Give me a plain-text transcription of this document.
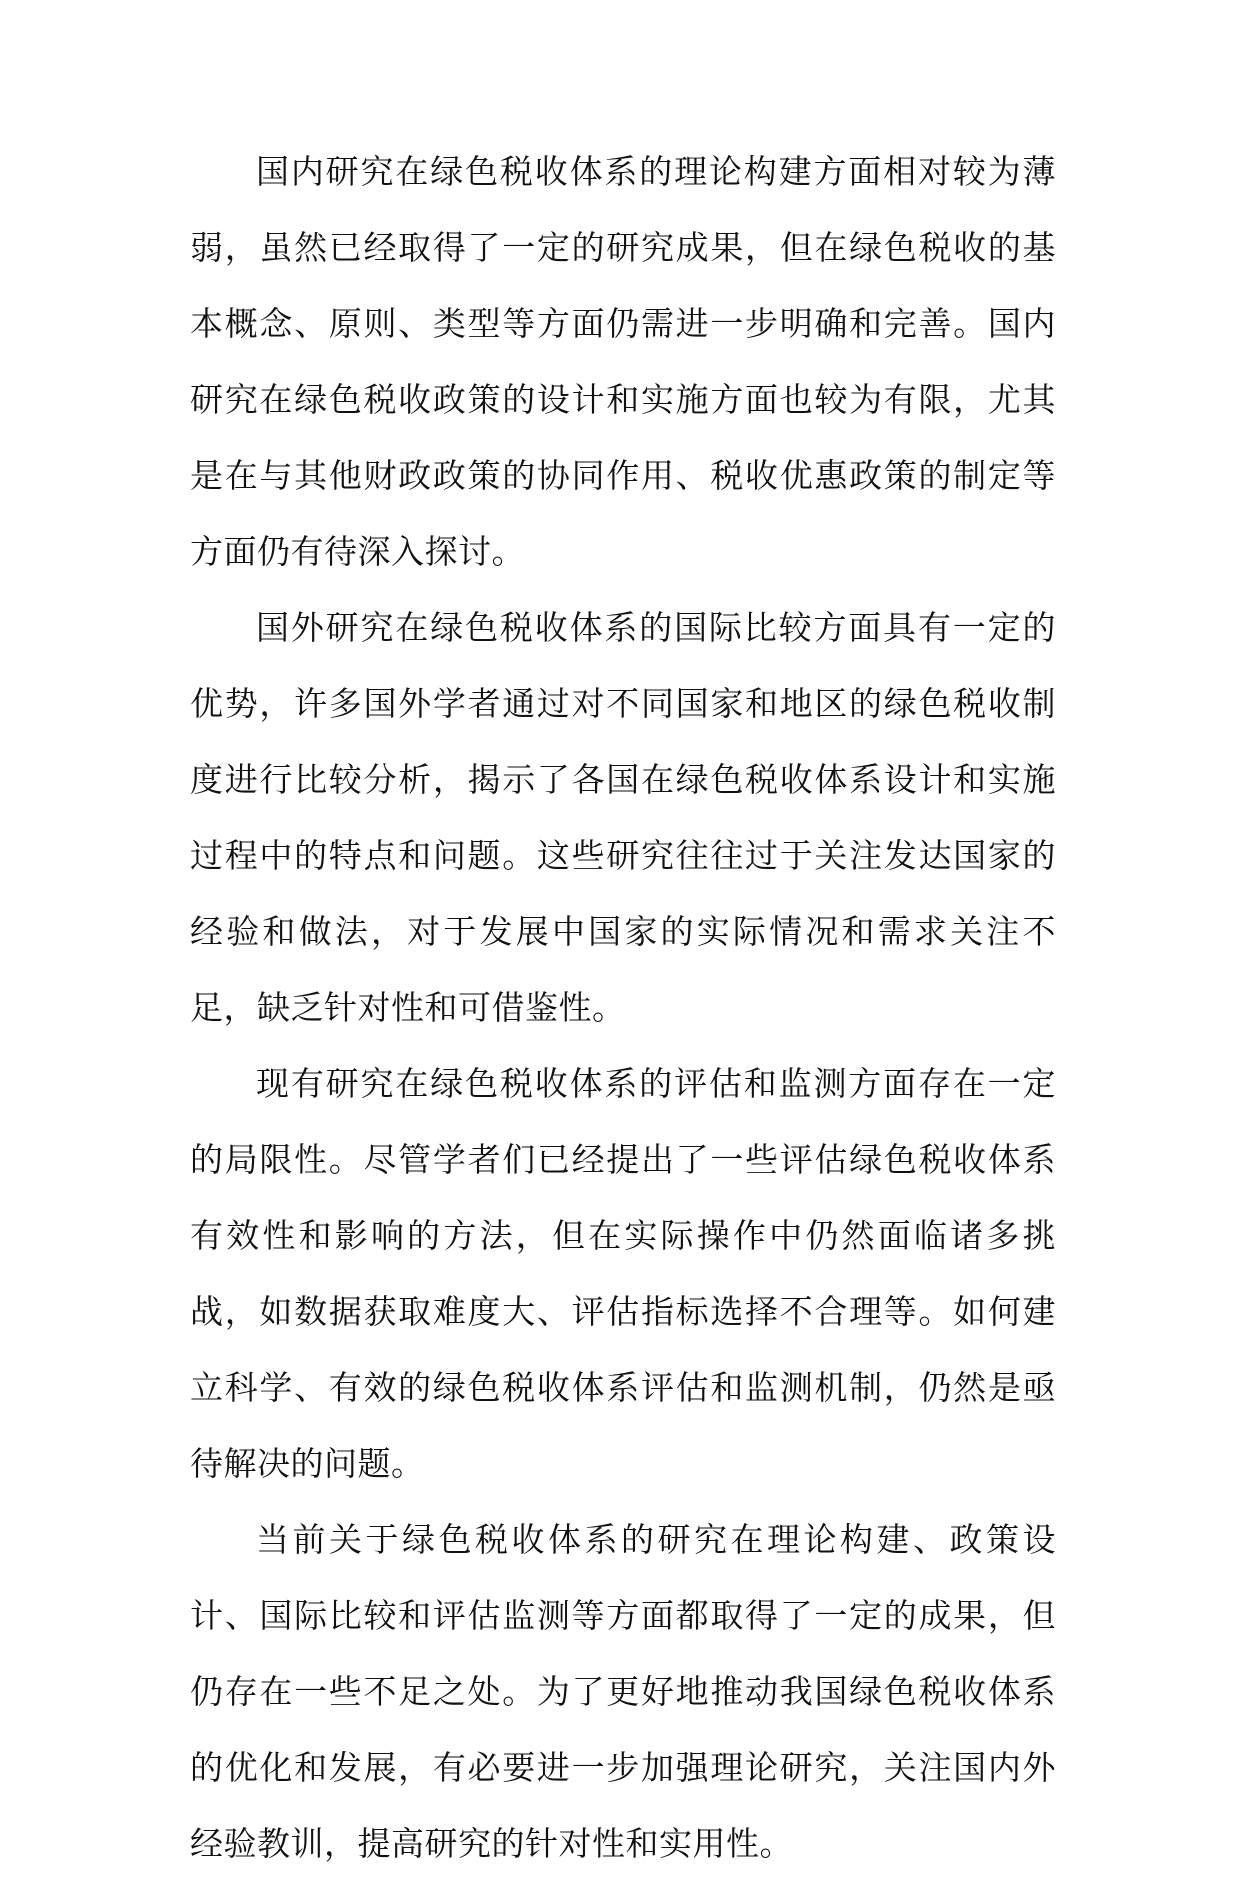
国内研究在绿色税收体系的理论构建方面相对较为薄弱，虽然已经取得了一定的研究成果，但在绿色税收的基本概念、原则、类型等方面仍需进一步明确和完善。国内研究在绿色税收政策的设计和实施方面也较为有限，尤其是在与其他财政政策的协同作用、税收优惠政策的制定等方面仍有待深入探讨。

国外研究在绿色税收体系的国际比较方面具有一定的优势，许多国外学者通过对不同国家和地区的绿色税收制度进行比较分析，揭示了各国在绿色税收体系设计和实施过程中的特点和问题。这些研究往往过于关注发达国家的经验和做法，对于发展中国家的实际情况和需求关注不足，缺乏针对性和可借鉴性。

现有研究在绿色税收体系的评估和监测方面存在一定的局限性。尽管学者们已经提出了一些评估绿色税收体系有效性和影响的方法，但在实际操作中仍然面临诸多挑战，如数据获取难度大、评估指标选择不合理等。如何建立科学、有效的绿色税收体系评估和监测机制，仍然是亟待解决的问题。

当前关于绿色税收体系的研究在理论构建、政策设计、国际比较和评估监测等方面都取得了一定的成果，但仍存在一些不足之处。为了更好地推动我国绿色税收体系的优化和发展，有必要进一步加强理论研究，关注国内外经验教训，提高研究的针对性和实用性。
